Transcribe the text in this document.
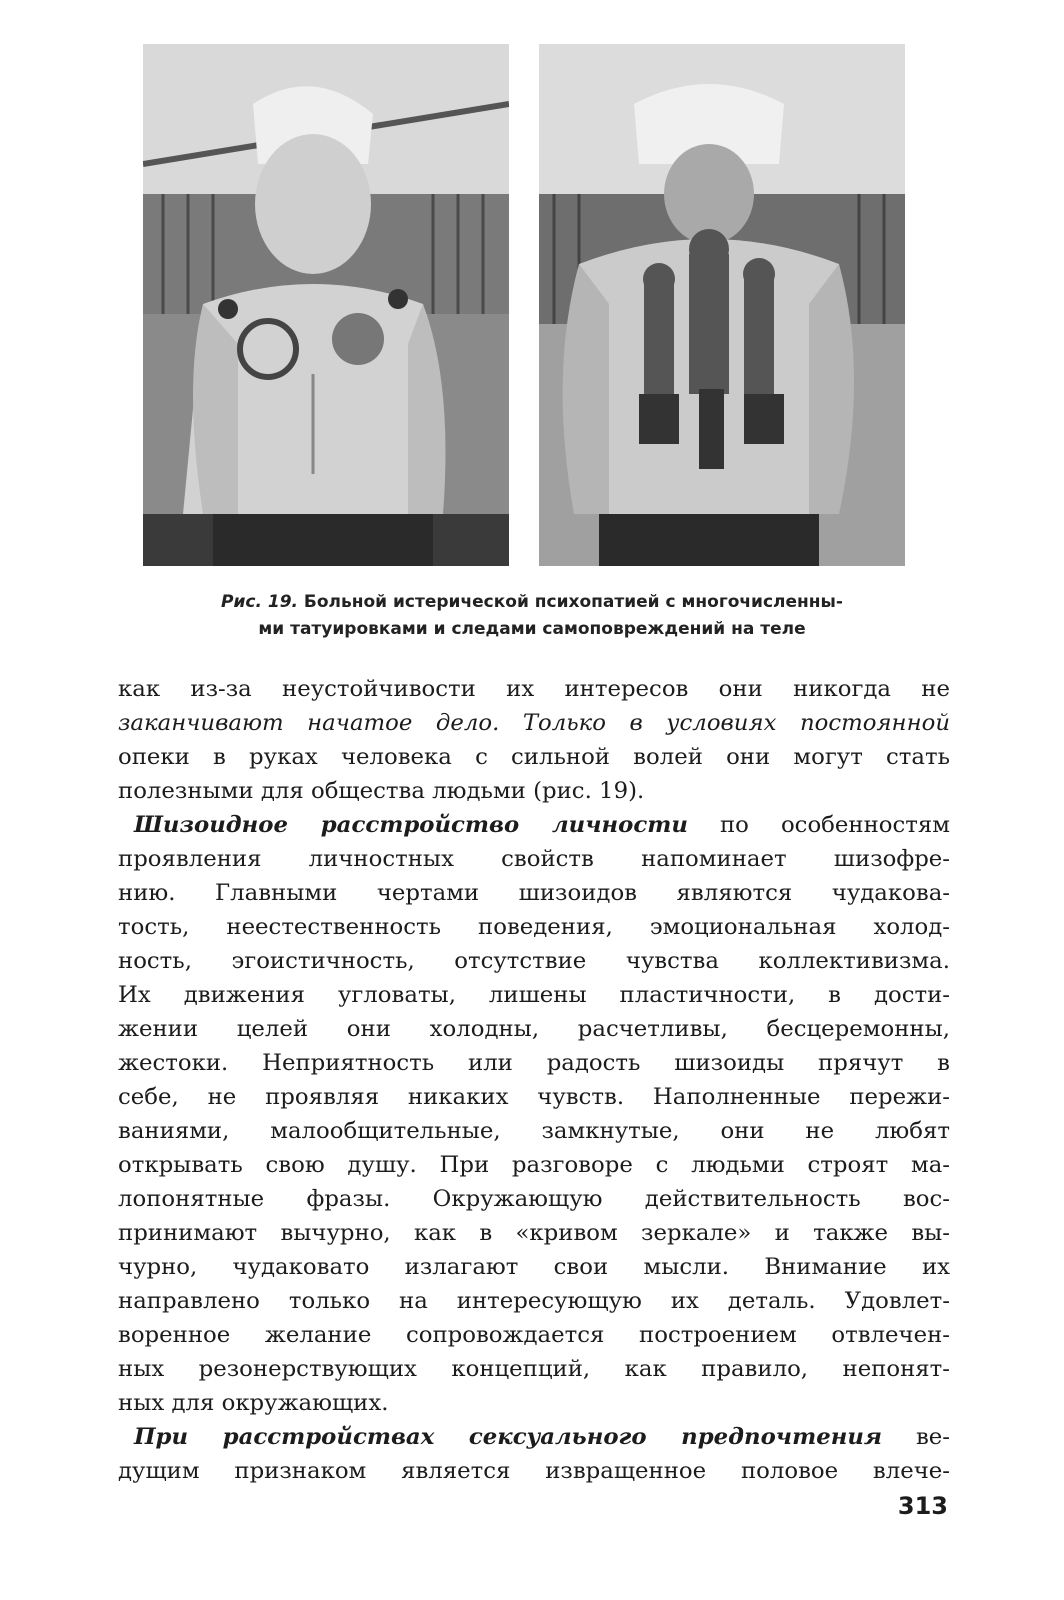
Рис. 19. Больной истерической психопатией с многочисленны-
ми татуировками и следами самоповреждений на теле
как из-за неустойчивости их интересов они никогда не
заканчивают начатое дело. Только в условиях постоянной
опеки в руках человека с сильной волей они могут стать
полезными для общества людьми (рис. 19).
Шизоидное расстройство личности по особенностям
проявления личностных свойств напоминает шизофре-
нию. Главными чертами шизоидов являются чудакова-
тость, неестественность поведения, эмоциональная холод-
ность, эгоистичность, отсутствие чувства коллективизма.
Их движения угловаты, лишены пластичности, в дости-
жении целей они холодны, расчетливы, бесцеремонны,
жестоки. Неприятность или радость шизоиды прячут в
себе, не проявляя никаких чувств. Наполненные пережи-
ваниями, малообщительные, замкнутые, они не любят
открывать свою душу. При разговоре с людьми строят ма-
лопонятные фразы. Окружающую действительность вос-
принимают вычурно, как в «кривом зеркале» и также вы-
чурно, чудаковато излагают свои мысли. Внимание их
направлено только на интересующую их деталь. Удовлет-
воренное желание сопровождается построением отвлечен-
ных резонерствующих концепций, как правило, непонят-
ных для окружающих.
При расстройствах сексуального предпочтения ве-
дущим признаком является извращенное половое влече-
313
